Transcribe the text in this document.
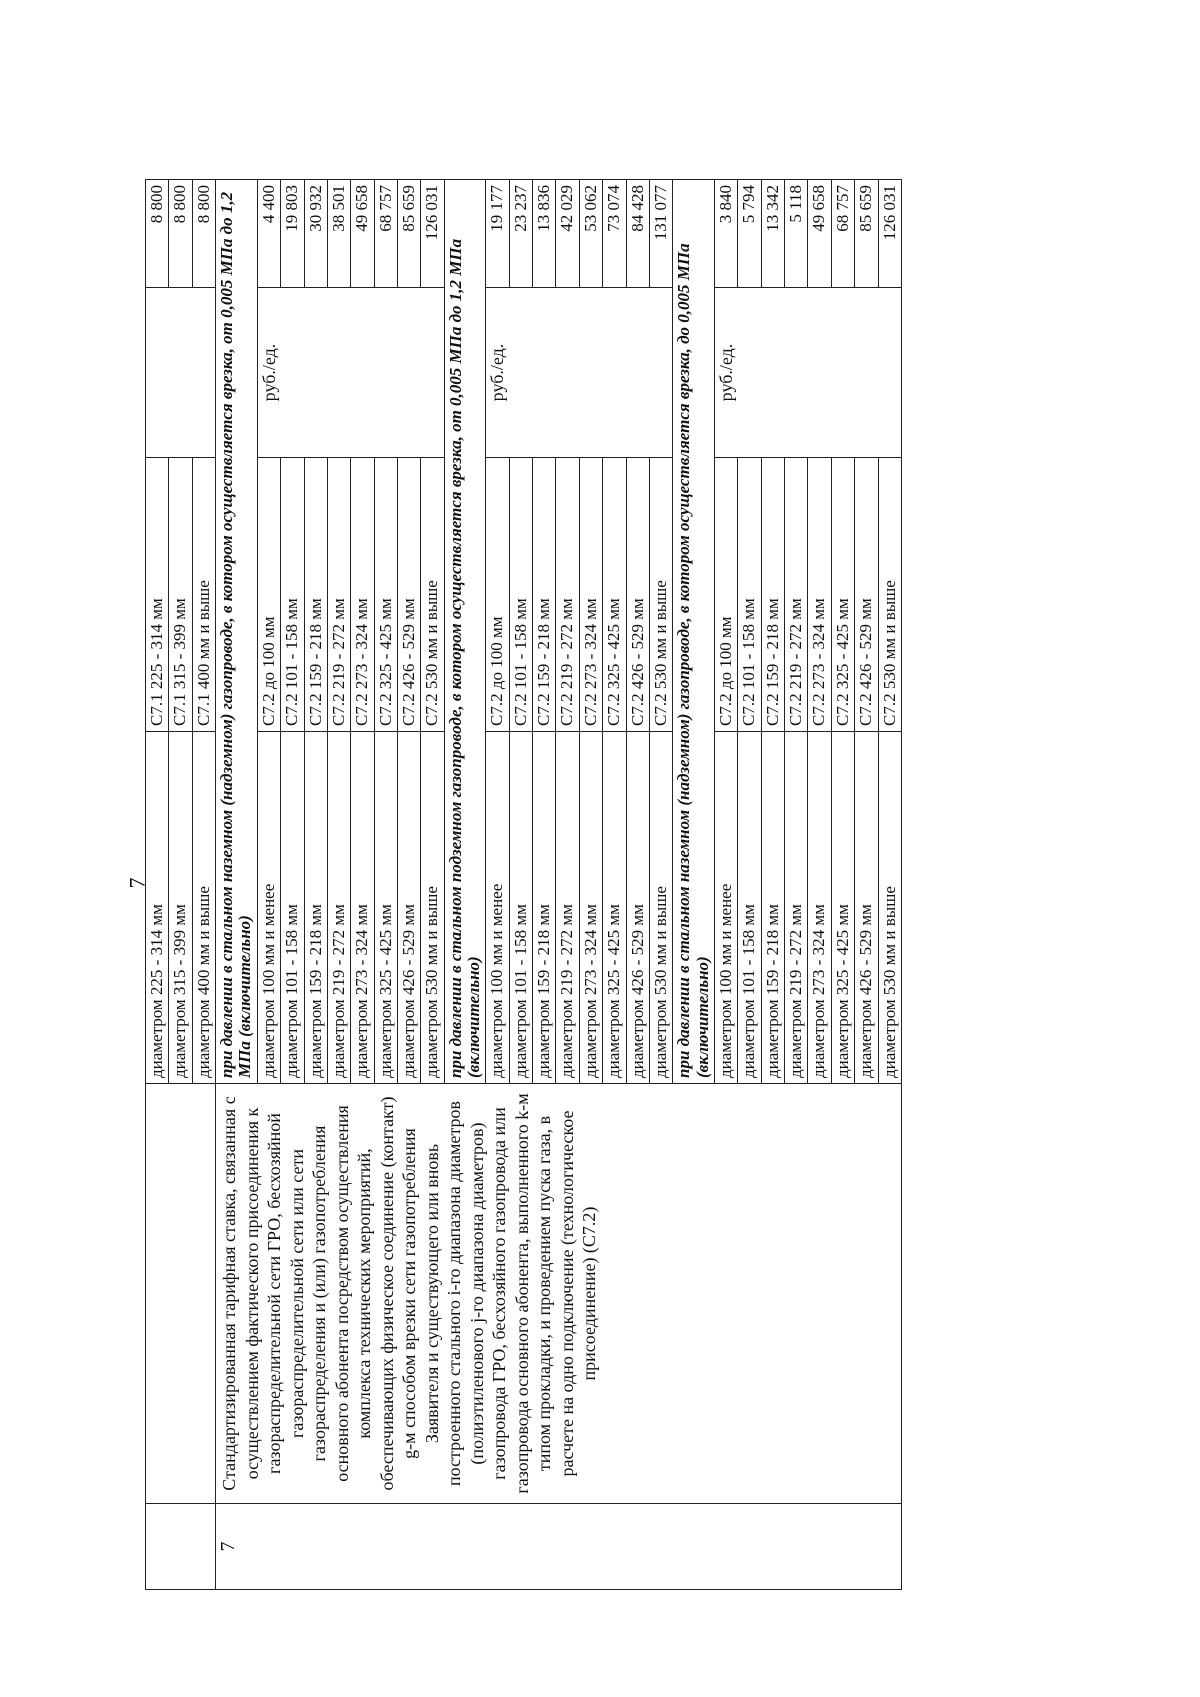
7
		диаметром 225 - 314 мм	С7.1 225 - 314 мм		8 800
		диаметром 315 - 399 мм	С7.1 315 - 399 мм		8 800
		диаметром 400 мм и выше	С7.1 400 мм и выше		8 800
7	Стандартизированная тарифная ставка, связанная с осуществлением фактического присоединения к газораспределительной сети ГРО, бесхозяйной газораспределительной сети или сети газораспределения и (или) газопотребления основного абонента посредством осуществления комплекса технических мероприятий, обеспечивающих физическое соединение (контакт) g-м способом врезки сети газопотребления Заявителя и существующего или вновь построенного стального i-го диапазона диаметров (полиэтиленового j-го диапазона диаметров) газопровода ГРО, бесхозяйного газопровода или газопровода основного абонента, выполненного k-м типом прокладки, и проведением пуска газа, в расчете на одно подключение (технологическое присоединение) (С7.2)	при давлении в стальном наземном (надземном) газопроводе, в котором осуществляется врезка, от 0,005 МПа до 1,2 МПа (включительно)			
		диаметром 100 мм и менее	С7.2 до 100 мм	руб./ед.	4 400
		диаметром 101 - 158 мм	С7.2 101 - 158 мм		19 803
		диаметром 159 - 218 мм	С7.2 159 - 218 мм		30 932
		диаметром 219 - 272 мм	С7.2 219 - 272 мм		38 501
		диаметром 273 - 324 мм	С7.2 273 - 324 мм		49 658
		диаметром 325 - 425 мм	С7.2 325 - 425 мм		68 757
		диаметром 426 - 529 мм	С7.2 426 - 529 мм		85 659
		диаметром 530 мм и выше	С7.2 530 мм и выше		126 031
		при давлении в стальном подземном газопроводе, в котором осуществляется врезка, от 0,005 МПа до 1,2 МПа (включительно)			
		диаметром 100 мм и менее	С7.2 до 100 мм	руб./ед.	19 177
		диаметром 101 - 158 мм	С7.2 101 - 158 мм		23 237
		диаметром 159 - 218 мм	С7.2 159 - 218 мм		13 836
		диаметром 219 - 272 мм	С7.2 219 - 272 мм		42 029
		диаметром 273 - 324 мм	С7.2 273 - 324 мм		53 062
		диаметром 325 - 425 мм	С7.2 325 - 425 мм		73 074
		диаметром 426 - 529 мм	С7.2 426 - 529 мм		84 428
		диаметром 530 мм и выше	С7.2 530 мм и выше		131 077
		при давлении в стальном наземном (надземном) газопроводе, в котором осуществляется врезка, до 0,005 МПа (включительно)			
		диаметром 100 мм и менее	С7.2 до 100 мм	руб./ед.	3 840
		диаметром 101 - 158 мм	С7.2 101 - 158 мм		5 794
		диаметром 159 - 218 мм	С7.2 159 - 218 мм		13 342
		диаметром 219 - 272 мм	С7.2 219 - 272 мм		5 118
		диаметром 273 - 324 мм	С7.2 273 - 324 мм		49 658
		диаметром 325 - 425 мм	С7.2 325 - 425 мм		68 757
		диаметром 426 - 529 мм	С7.2 426 - 529 мм		85 659
		диаметром 530 мм и выше	С7.2 530 мм и выше		126 031
